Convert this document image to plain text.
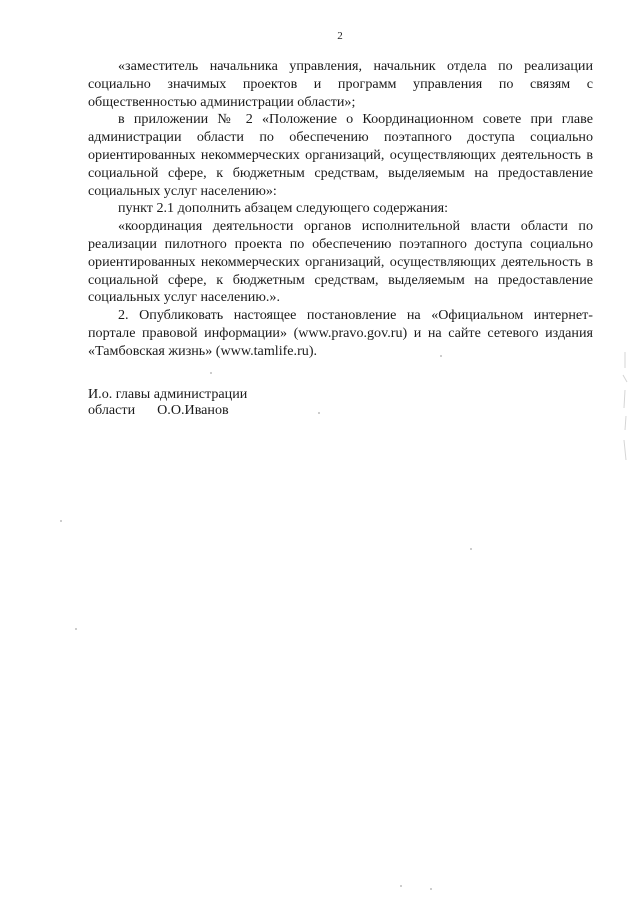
2

«заместитель начальника управления, начальник отдела по реализации социально значимых проектов и программ управления по связям с общественностью администрации области»;

в приложении № 2 «Положение о Координационном совете при главе администрации области по обеспечению поэтапного доступа социально ориентированных некоммерческих организаций, осуществляющих деятельность в социальной сфере, к бюджетным средствам, выделяемым на предоставление социальных услуг населению»:

пункт 2.1 дополнить абзацем следующего содержания:

«координация деятельности органов исполнительной власти области по реализации пилотного проекта по обеспечению поэтапного доступа социально ориентированных некоммерческих организаций, осуществляющих деятельность в социальной сфере, к бюджетным средствам, выделяемым на предоставление социальных услуг населению.».

2. Опубликовать настоящее постановление на «Официальном интернет-портале правовой информации» (www.pravo.gov.ru) и на сайте сетевого издания «Тамбовская жизнь» (www.tamlife.ru).

И.о. главы администрации
области О.О.Иванов
